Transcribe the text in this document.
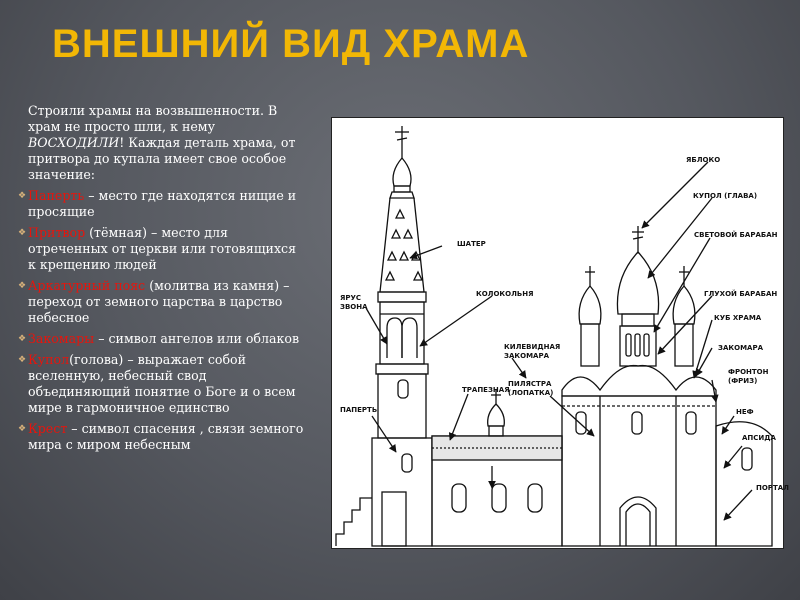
ВНЕШНИЙ ВИД ХРАМА

Строили храмы на возвышенности. В храм не просто шли, к нему ВОСХОДИЛИ! Каждая деталь храма, от притвора до купала имеет свое особое значение:

❖ Паперть – место где находятся нищие и просящие

❖ Притвор (тёмная) – место для отреченных от церкви или готовящихся к крещению людей

❖ Аркатурный пояс (молитва из камня) – переход от земного царства в царство небесное

❖ Закомары – символ ангелов или облаков

❖ Купол(голова) – выражает собой вселенную, небесный свод объединяющий понятие о Боге и о всем мире в гармоничное единство

❖ Крест – символ спасения , связи земного мира с миром небесным

ЯБЛОКО
КУПОЛ (ГЛАВА)
СВЕТОВОЙ БАРАБАН
ШАТЕР
ГЛУХОЙ БАРАБАН
ЯРУС
ЗВОНА
КОЛОКОЛЬНЯ
КУБ ХРАМА
КИЛЕВИДНАЯ
ЗАКОМАРА
ЗАКОМАРА
ФРОНТОН
(ФРИЗ)
ТРАПЕЗНАЯ
ПИЛЯСТРА
(ЛОПАТКА)
ПАПЕРТЬ	НЕФ
АПСИДА
ПОРТАЛ
